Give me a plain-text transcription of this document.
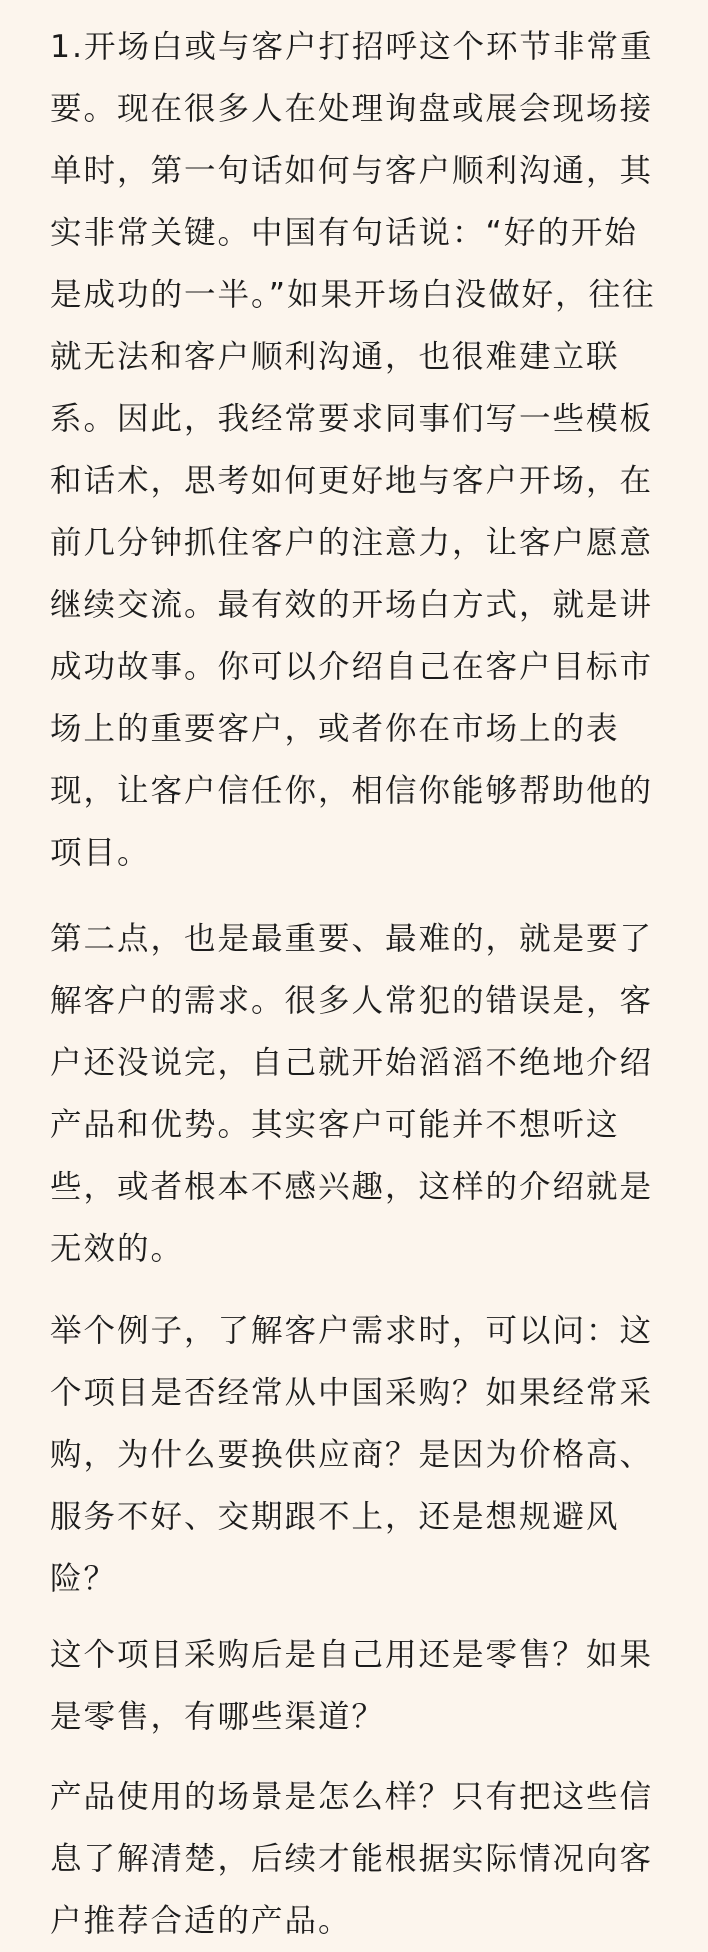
1.开场白或与客户打招呼这个环节非常重要。现在很多人在处理询盘或展会现场接单时，第一句话如何与客户顺利沟通，其实非常关键。中国有句话说：“好的开始是成功的一半。”如果开场白没做好，往往就无法和客户顺利沟通，也很难建立联系。因此，我经常要求同事们写一些模板和话术，思考如何更好地与客户开场，在前几分钟抓住客户的注意力，让客户愿意继续交流。最有效的开场白方式，就是讲成功故事。你可以介绍自己在客户目标市场上的重要客户，或者你在市场上的表现，让客户信任你，相信你能够帮助他的项目。

第二点，也是最重要、最难的，就是要了解客户的需求。很多人常犯的错误是，客户还没说完，自己就开始滔滔不绝地介绍产品和优势。其实客户可能并不想听这些，或者根本不感兴趣，这样的介绍就是无效的。

举个例子，了解客户需求时，可以问：这个项目是否经常从中国采购？如果经常采购，为什么要换供应商？是因为价格高、服务不好、交期跟不上，还是想规避风险？

这个项目采购后是自己用还是零售？如果是零售，有哪些渠道？

产品使用的场景是怎么样？只有把这些信息了解清楚，后续才能根据实际情况向客户推荐合适的产品。
